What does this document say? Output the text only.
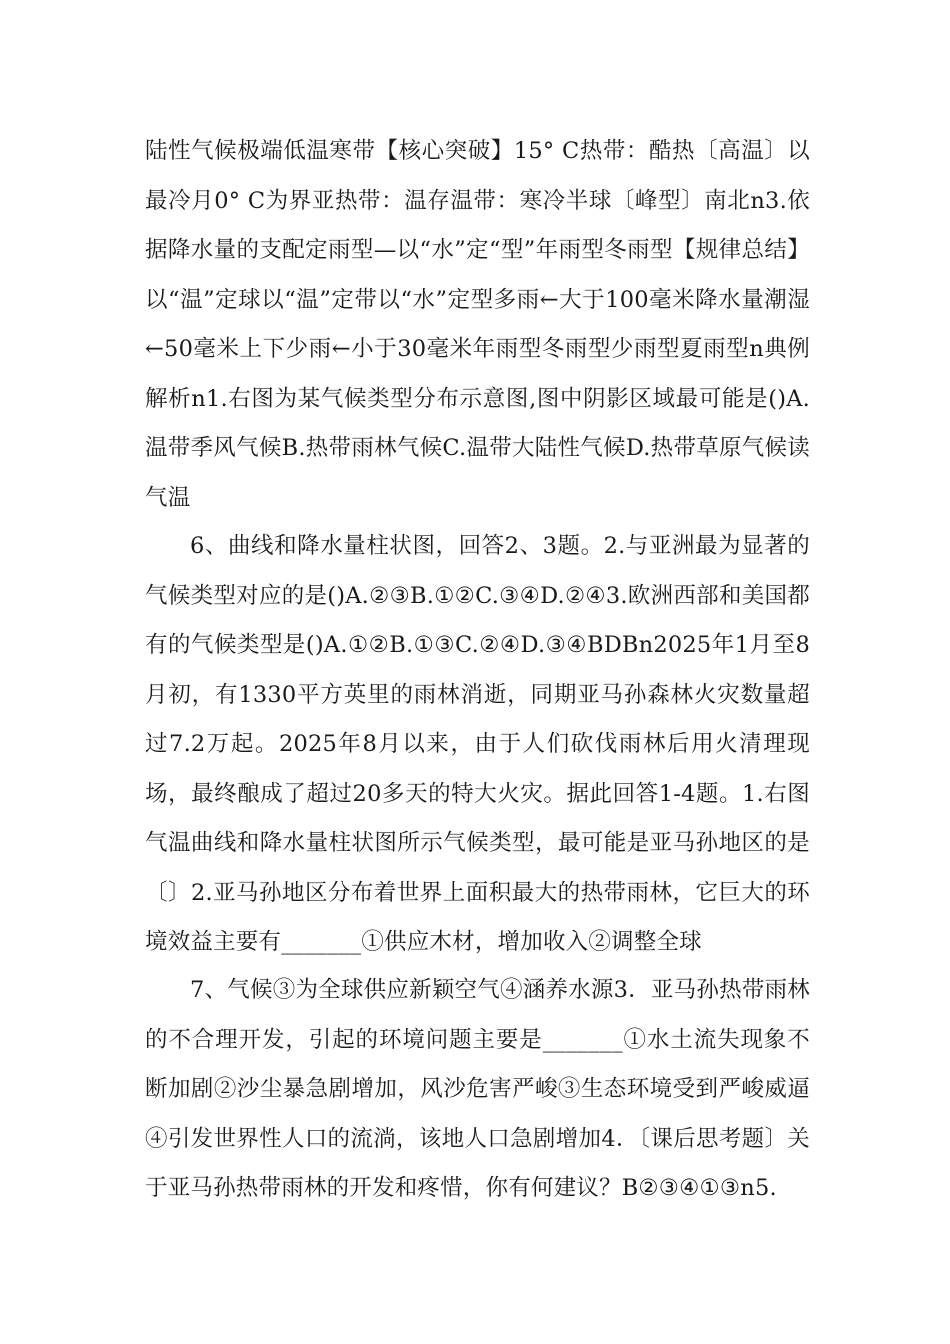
陆性气候极端低温寒带【核心突破】15° C热带：酷热〔高温〕以最冷月0° C为界亚热带：温存温带：寒冷半球〔峰型〕南北n3.依据降水量的支配定雨型—以“水”定“型”年雨型冬雨型【规律总结】以“温”定球以“温”定带以“水”定型多雨←大于100毫米降水量潮湿←50毫米上下少雨←小于30毫米年雨型冬雨型少雨型夏雨型n典例解析n1.右图为某气候类型分布示意图,图中阴影区域最可能是()A.温带季风气候B.热带雨林气候C.温带大陆性气候D.热带草原气候读气温

6、曲线和降水量柱状图，回答2、3题。2.与亚洲最为显著的气候类型对应的是()A.②③B.①②C.③④D.②④3.欧洲西部和美国都有的气候类型是()A.①②B.①③C.②④D.③④BDBn2025年1月至8月初，有1330平方英里的雨林消逝，同期亚马孙森林火灾数量超过7.2万起。2025年8月以来，由于人们砍伐雨林后用火清理现场，最终酿成了超过20多天的特大火灾。据此回答1-4题。1.右图气温曲线和降水量柱状图所示气候类型，最可能是亚马孙地区的是〔〕2.亚马孙地区分布着世界上面积最大的热带雨林，它巨大的环境效益主要有_______①供应木材，增加收入②调整全球

7、气候③为全球供应新颖空气④涵养水源3．亚马孙热带雨林的不合理开发，引起的环境问题主要是_______①水土流失现象不断加剧②沙尘暴急剧增加，风沙危害严峻③生态环境受到严峻威逼④引发世界性人口的流淌，该地人口急剧增加4．〔课后思考题〕关于亚马孙热带雨林的开发和疼惜，你有何建议？B②③④①③n5.
